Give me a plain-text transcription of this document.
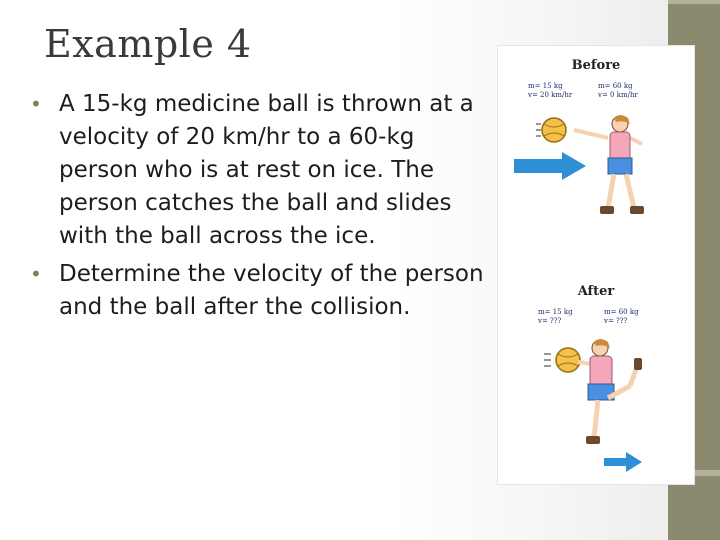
Example 4
• A 15-kg medicine ball is thrown at a velocity of 20 km/hr to a 60-kg person who is at rest on ice. The person catches the ball and slides with the ball across the ice.
• Determine the velocity of the person and the ball after the collision.
Before
m= 15 kg
v= 20 km/hr
m= 60 kg
v= 0 km/hr
After
m= 15 kg
v= ???
m= 60 kg
v= ???
